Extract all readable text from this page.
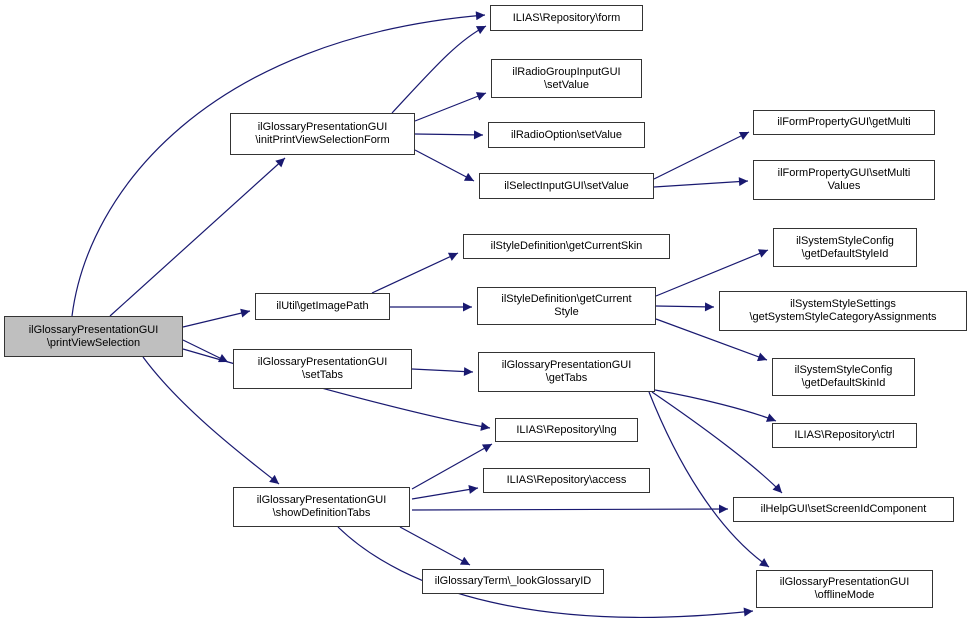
ilGlossaryPresentationGUI
\printViewSelection
ilGlossaryPresentationGUI
\initPrintViewSelectionForm
ILIAS\Repository\form
ilRadioGroupInputGUI
\setValue
ilRadioOption\setValue
ilSelectInputGUI\setValue
ilFormPropertyGUI\getMulti
ilFormPropertyGUI\setMulti
Values
ilStyleDefinition\getCurrentSkin
ilUtil\getImagePath
ilStyleDefinition\getCurrent
Style
ilSystemStyleConfig
\getDefaultStyleId
ilSystemStyleSettings
\getSystemStyleCategoryAssignments
ilSystemStyleConfig
\getDefaultSkinId
ilGlossaryPresentationGUI
\getTabs
ILIAS\Repository\ctrl
ILIAS\Repository\lng
ILIAS\Repository\access
ilHelpGUI\setScreenIdComponent
ilGlossaryPresentationGUI
\setTabs
ilGlossaryPresentationGUI
\showDefinitionTabs
ilGlossaryTerm\_lookGlossaryID	ilGlossaryPresentationGUI
\offlineMode
